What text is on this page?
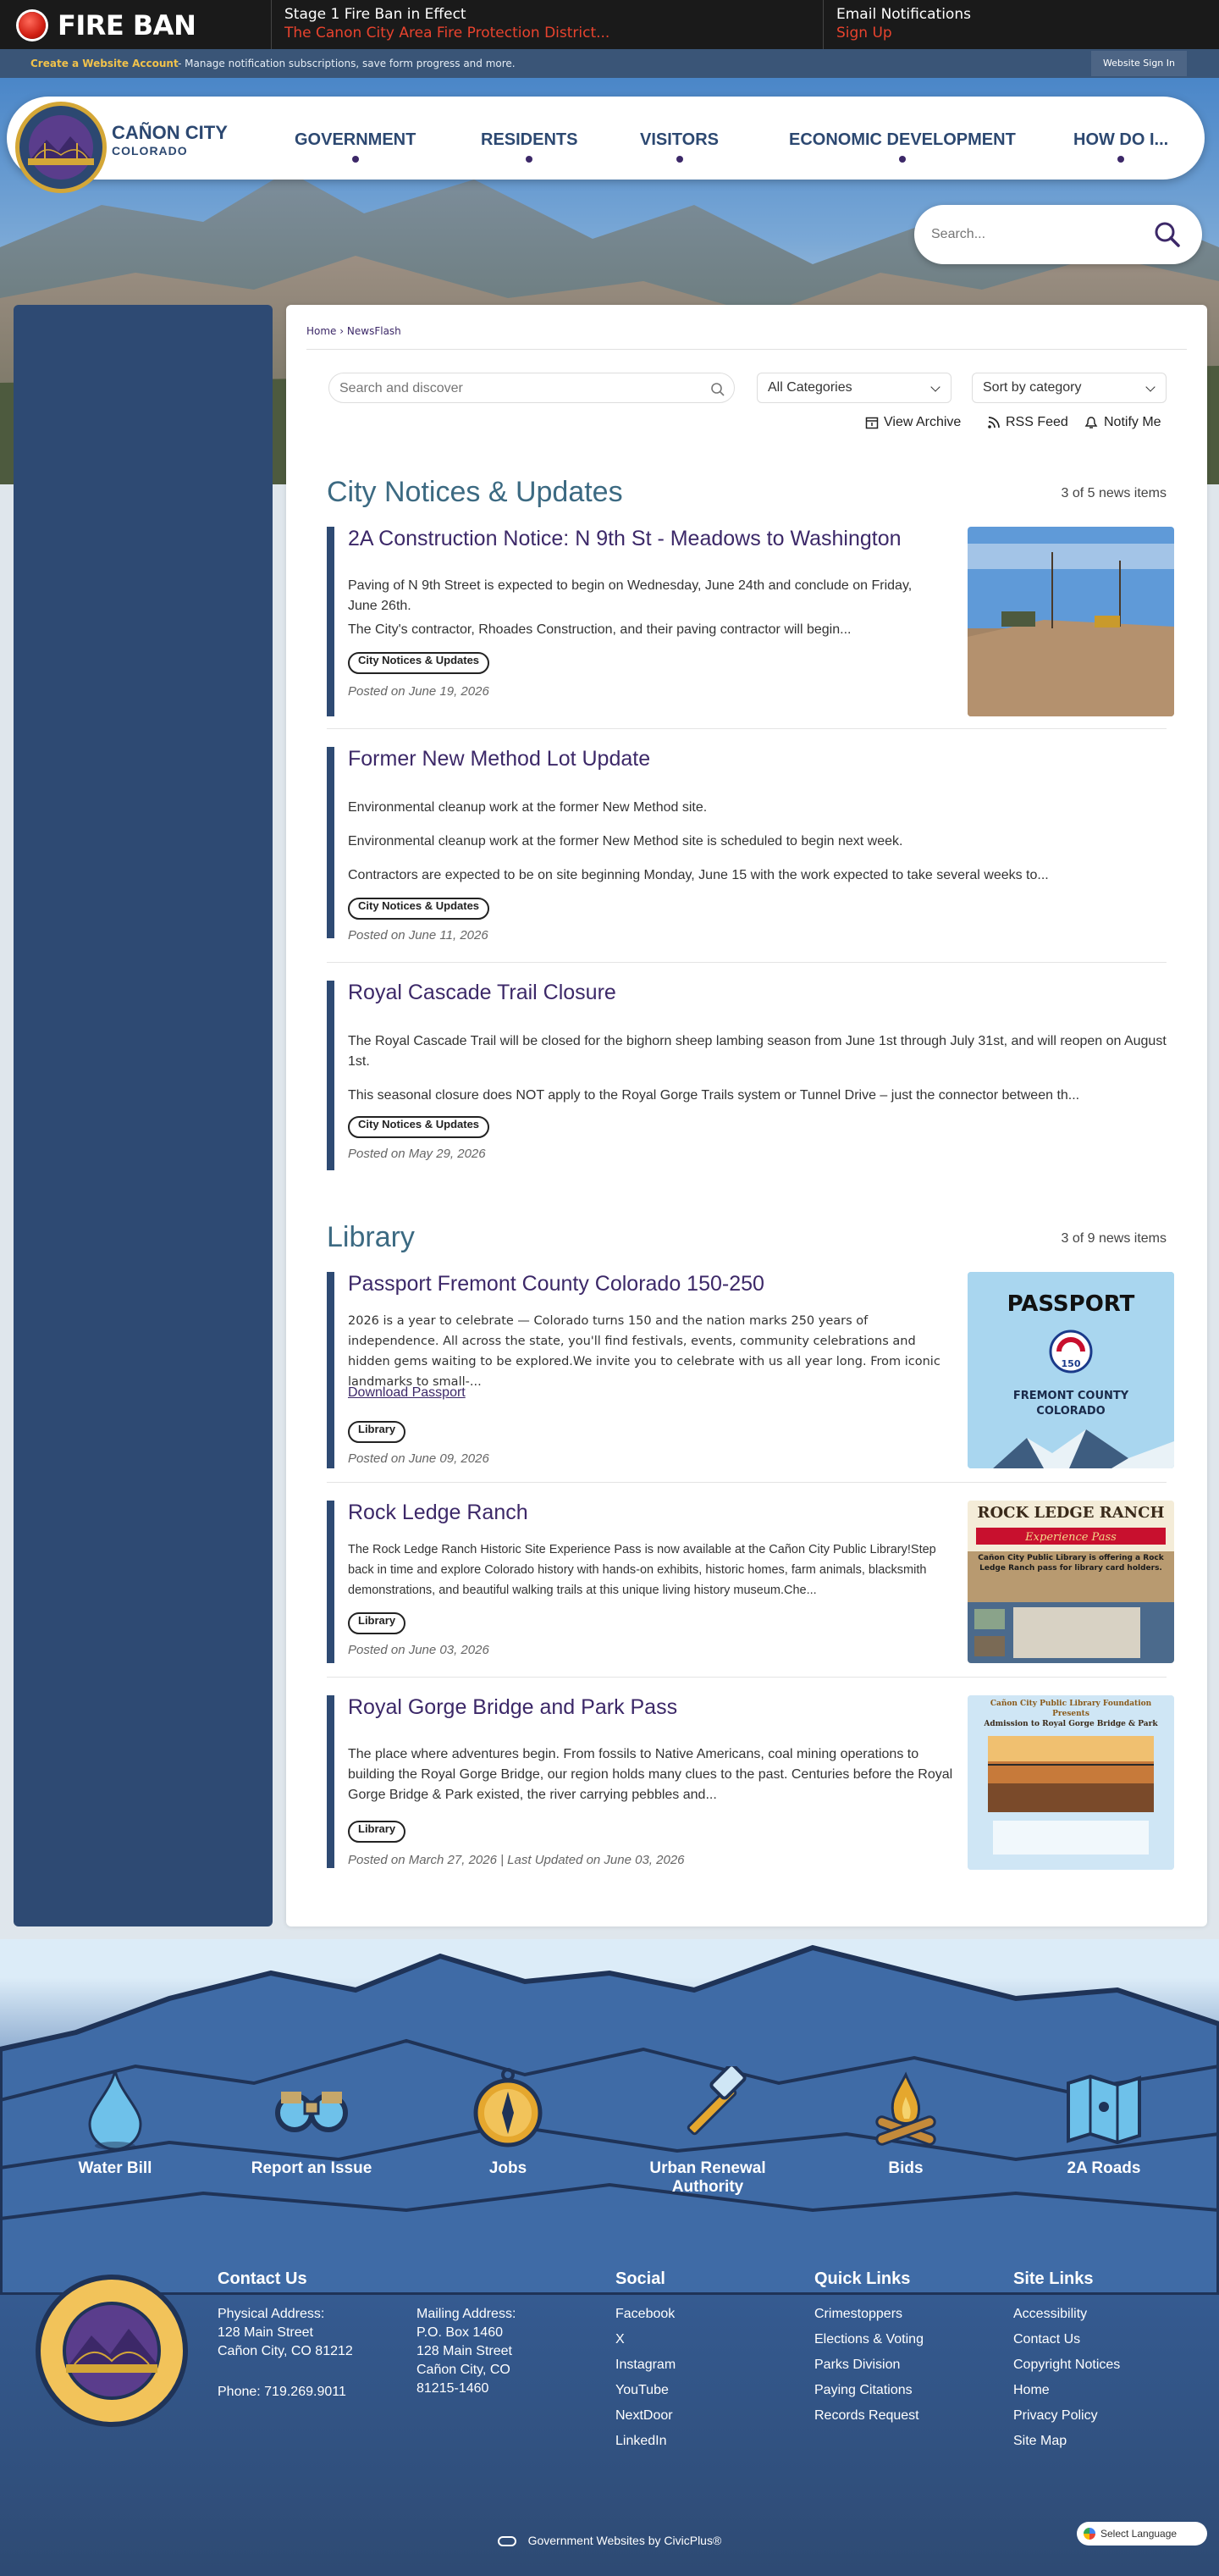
FIRE BAN	Stage 1 Fire Ban in Effect
The Canon City Area Fire Protection District...
Email Notifications
Sign Up
Create a Website Account - Manage notification subscriptions, save form progress and more.	Website Sign In
CAÑON CITY
COLORADO
GOVERNMENT	RESIDENTS	VISITORS	ECONOMIC DEVELOPMENT	HOW DO I...
Search...
Home › NewsFlash
Search and discover
All Categories	Sort by category
View Archive	RSS Feed	Notify Me
City Notices & Updates	3 of 5 news items
2A Construction Notice: N 9th St - Meadows to Washington

Paving of N 9th Street is expected to begin on Wednesday, June 24th and conclude on Friday, June 26th.

The City's contractor, Rhoades Construction, and their paving contractor will begin...

City Notices & Updates
Posted on June 19, 2026
Former New Method Lot Update

Environmental cleanup work at the former New Method site.

Environmental cleanup work at the former New Method site is scheduled to begin next week.

Contractors are expected to be on site beginning Monday, June 15 with the work expected to take several weeks to...

City Notices & Updates
Posted on June 11, 2026
Royal Cascade Trail Closure

The Royal Cascade Trail will be closed for the bighorn sheep lambing season from June 1st through July 31st, and will reopen on August 1st.

This seasonal closure does NOT apply to the Royal Gorge Trails system or Tunnel Drive – just the connector between th...

City Notices & Updates
Posted on May 29, 2026
Library	3 of 9 news items
Passport Fremont County Colorado 150-250

2026 is a year to celebrate — Colorado turns 150 and the nation marks 250 years of independence. All across the state, you'll find festivals, events, community celebrations and hidden gems waiting to be explored.We invite you to celebrate with us all year long. From iconic landmarks to small-...

Download Passport
Library
Posted on June 09, 2026
PASSPORT
150
FREMONT COUNTY
COLORADO
Rock Ledge Ranch

The Rock Ledge Ranch Historic Site Experience Pass is now available at the Cañon City Public Library!Step back in time and explore Colorado history with hands-on exhibits, historic homes, farm animals, blacksmith demonstrations, and beautiful walking trails at this unique living history museum.Che...

Library
Posted on June 03, 2026
ROCK LEDGE RANCH
Experience Pass
Cañon City Public Library is offering a Rock Ledge Ranch pass for library card holders.
Royal Gorge Bridge and Park Pass

The place where adventures begin. From fossils to Native Americans, coal mining operations to building the Royal Gorge Bridge, our region holds many clues to the past. Centuries before the Royal Gorge Bridge & Park existed, the river carrying pebbles and...

Library
Posted on March 27, 2026 | Last Updated on June 03, 2026
Cañon City Public Library Foundation Presents
Admission to Royal Gorge Bridge & Park
Water Bill	Report an Issue	Jobs	Urban Renewal Authority
Bids	2A Roads
Contact Us
Physical Address:
128 Main Street
Cañon City, CO 81212
Phone: 719.269.9011
Mailing Address:
P.O. Box 1460
128 Main Street
Cañon City, CO
81215-1460
Social
Facebook
X
Instagram
YouTube
NextDoor
LinkedIn
Quick Links
Crimestoppers
Elections & Voting
Parks Division
Paying Citations
Records Request
Site Links
Accessibility
Contact Us
Copyright Notices
Home
Privacy Policy
Site Map
Government Websites by CivicPlus®	Select Language
